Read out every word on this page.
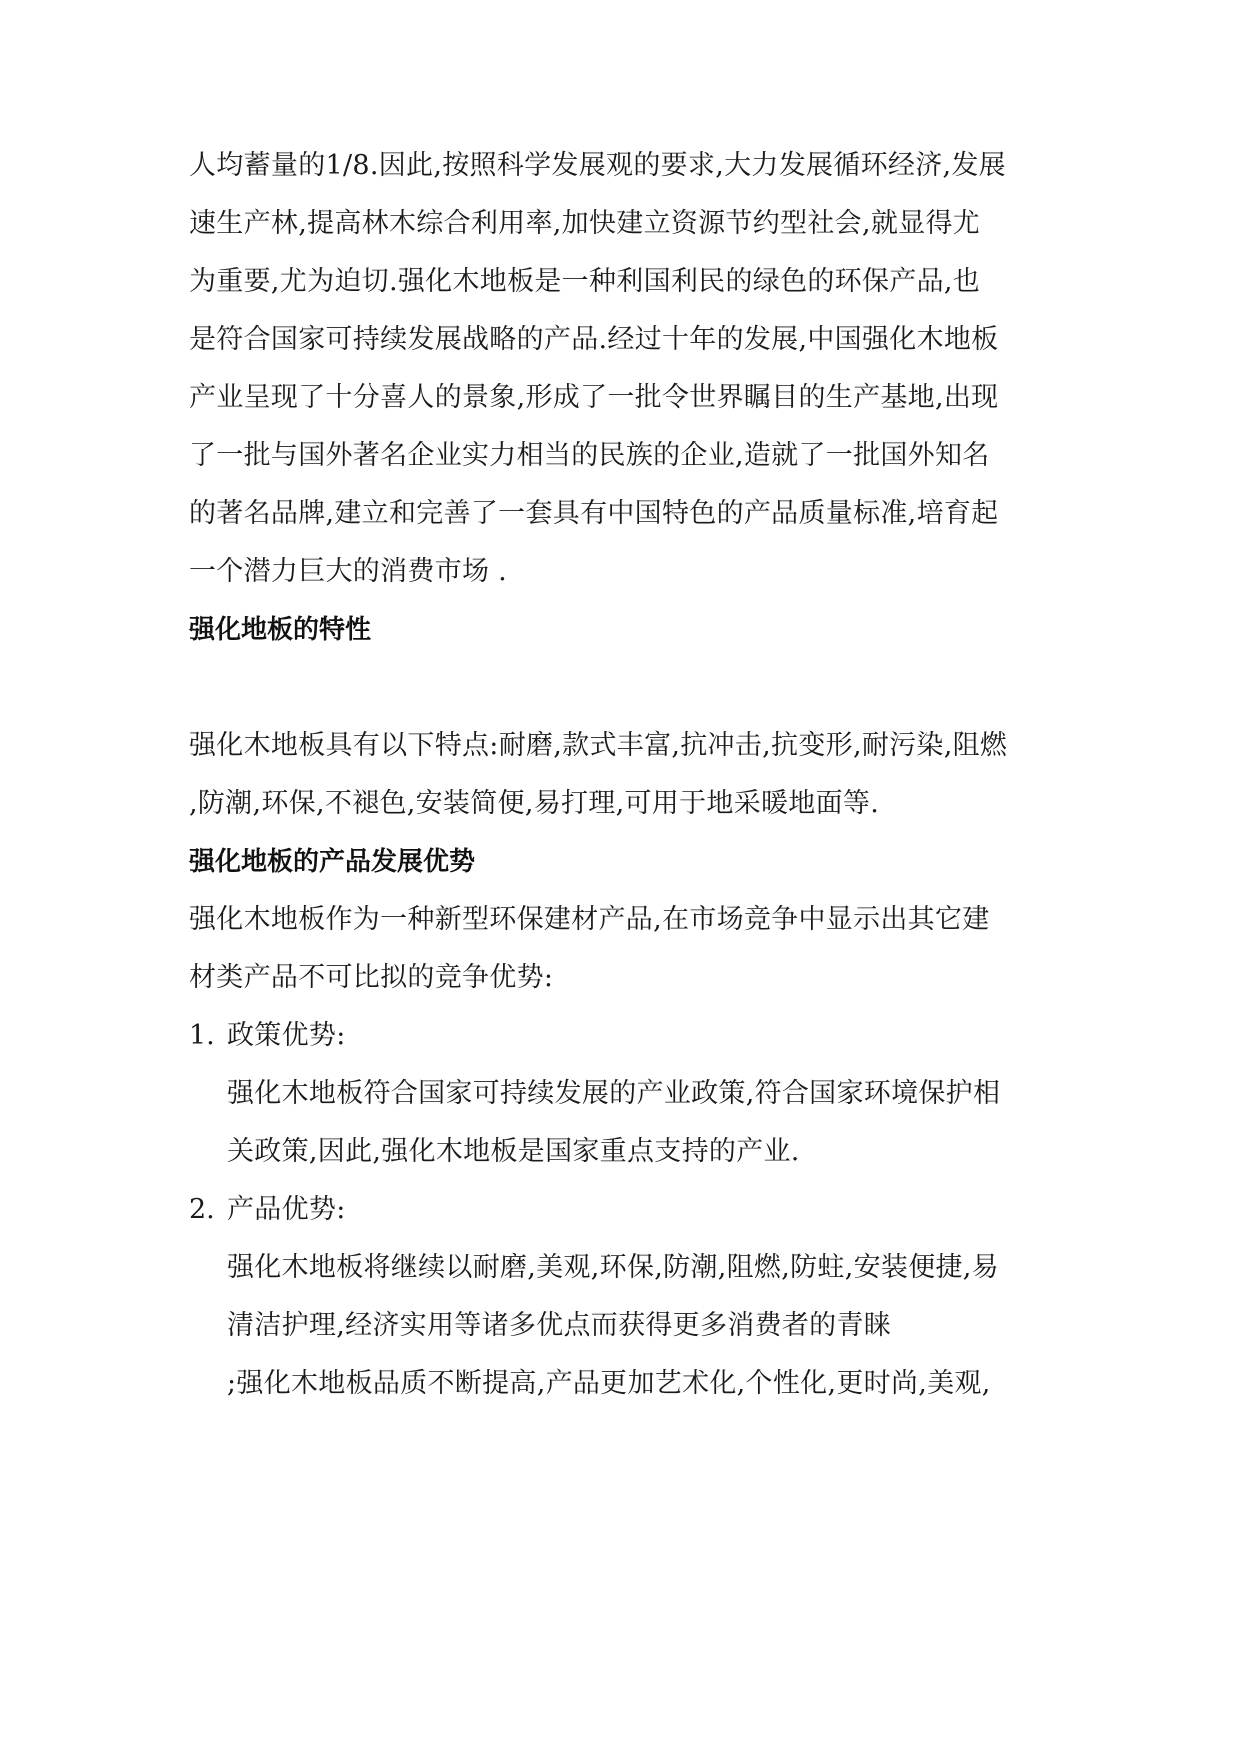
人均蓄量的1/8.因此,按照科学发展观的要求,大力发展循环经济,发展
速生产林,提高林木综合利用率,加快建立资源节约型社会,就显得尤
为重要,尤为迫切.强化木地板是一种利国利民的绿色的环保产品,也
是符合国家可持续发展战略的产品.经过十年的发展,中国强化木地板
产业呈现了十分喜人的景象,形成了一批令世界瞩目的生产基地,出现
了一批与国外著名企业实力相当的民族的企业,造就了一批国外知名
的著名品牌,建立和完善了一套具有中国特色的产品质量标准,培育起
一个潜力巨大的消费市场 .
强化地板的特性
强化木地板具有以下特点:耐磨,款式丰富,抗冲击,抗变形,耐污染,阻燃
,防潮,环保,不褪色,安装简便,易打理,可用于地采暖地面等.
强化地板的产品发展优势
强化木地板作为一种新型环保建材产品,在市场竞争中显示出其它建
材类产品不可比拟的竞争优势:
1. 政策优势:
强化木地板符合国家可持续发展的产业政策,符合国家环境保护相
关政策,因此,强化木地板是国家重点支持的产业.
2. 产品优势:
强化木地板将继续以耐磨,美观,环保,防潮,阻燃,防蛀,安装便捷,易
清洁护理,经济实用等诸多优点而获得更多消费者的青睐
;强化木地板品质不断提高,产品更加艺术化,个性化,更时尚,美观,
